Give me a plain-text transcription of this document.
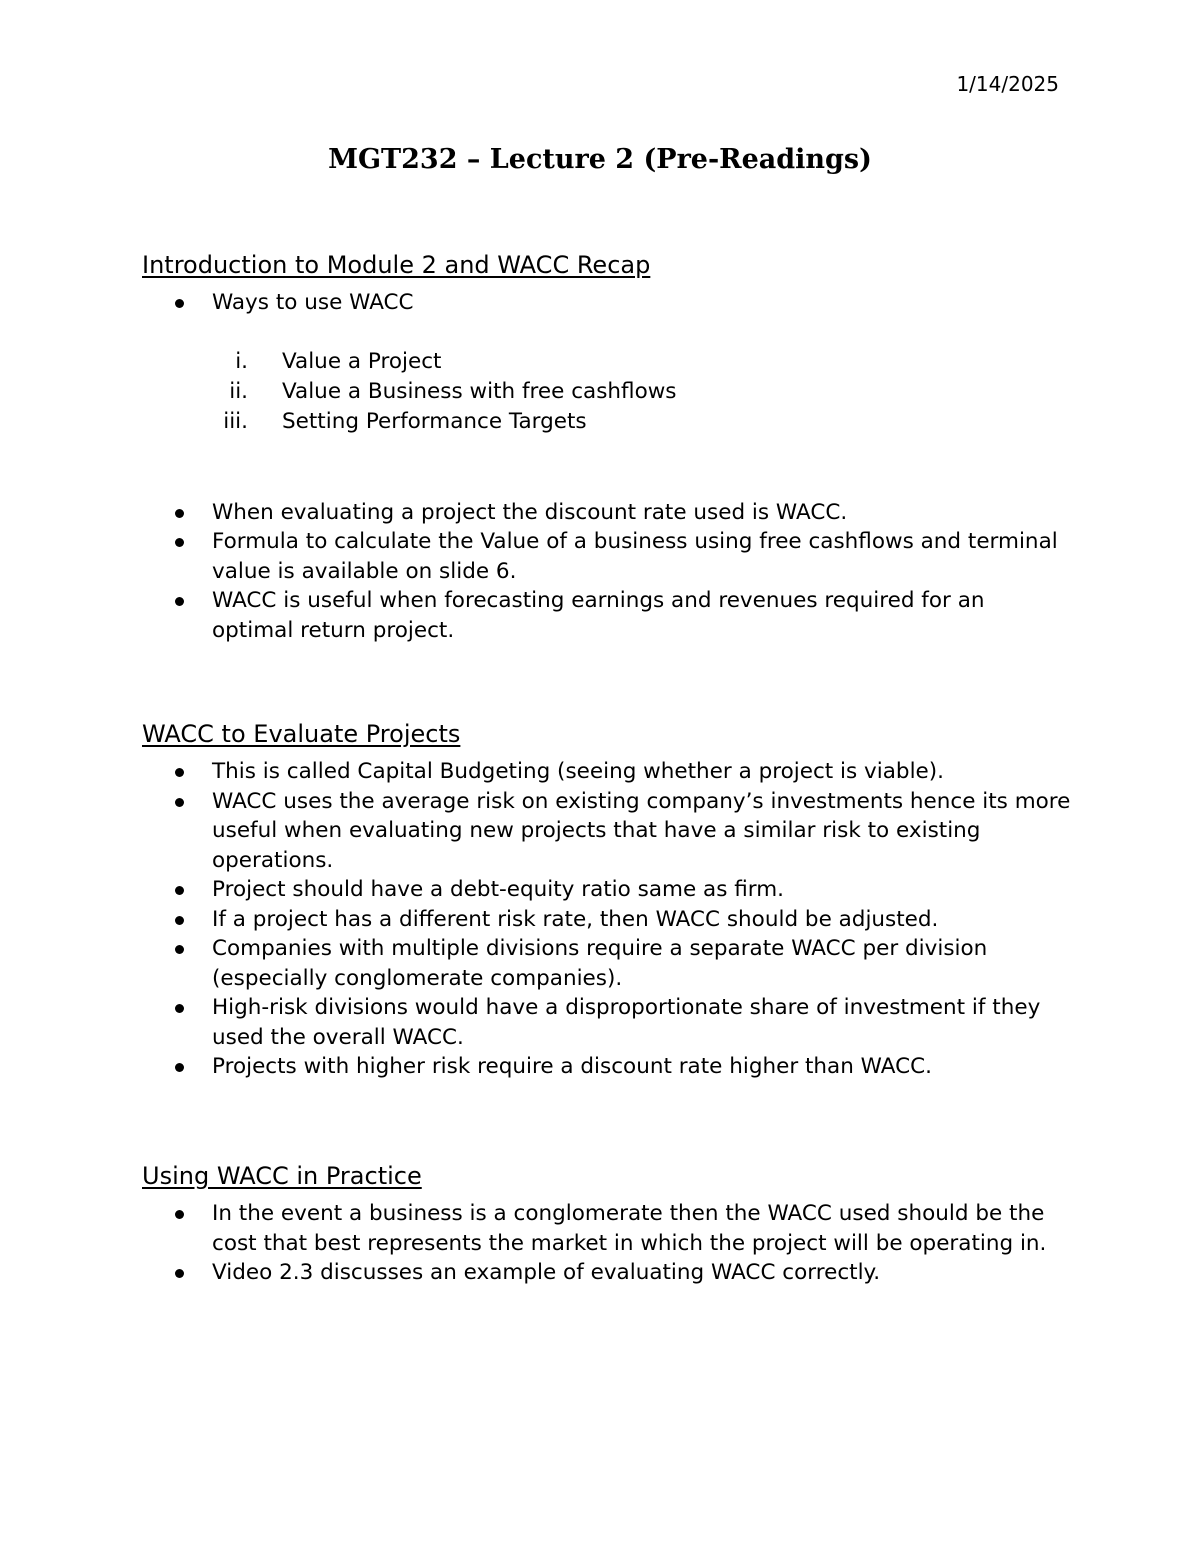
1/14/2025
MGT232 – Lecture 2 (Pre-Readings)
Introduction to Module 2 and WACC Recap
Ways to use WACC
i. Value a Project
ii. Value a Business with free cashflows
iii. Setting Performance Targets
When evaluating a project the discount rate used is WACC.
Formula to calculate the Value of a business using free cashflows and terminal value is available on slide 6.
WACC is useful when forecasting earnings and revenues required for an optimal return project.
WACC to Evaluate Projects
This is called Capital Budgeting (seeing whether a project is viable).
WACC uses the average risk on existing company’s investments hence its more useful when evaluating new projects that have a similar risk to existing operations.
Project should have a debt-equity ratio same as firm.
If a project has a different risk rate, then WACC should be adjusted.
Companies with multiple divisions require a separate WACC per division (especially conglomerate companies).
High-risk divisions would have a disproportionate share of investment if they used the overall WACC.
Projects with higher risk require a discount rate higher than WACC.
Using WACC in Practice
In the event a business is a conglomerate then the WACC used should be the cost that best represents the market in which the project will be operating in.
Video 2.3 discusses an example of evaluating WACC correctly.
